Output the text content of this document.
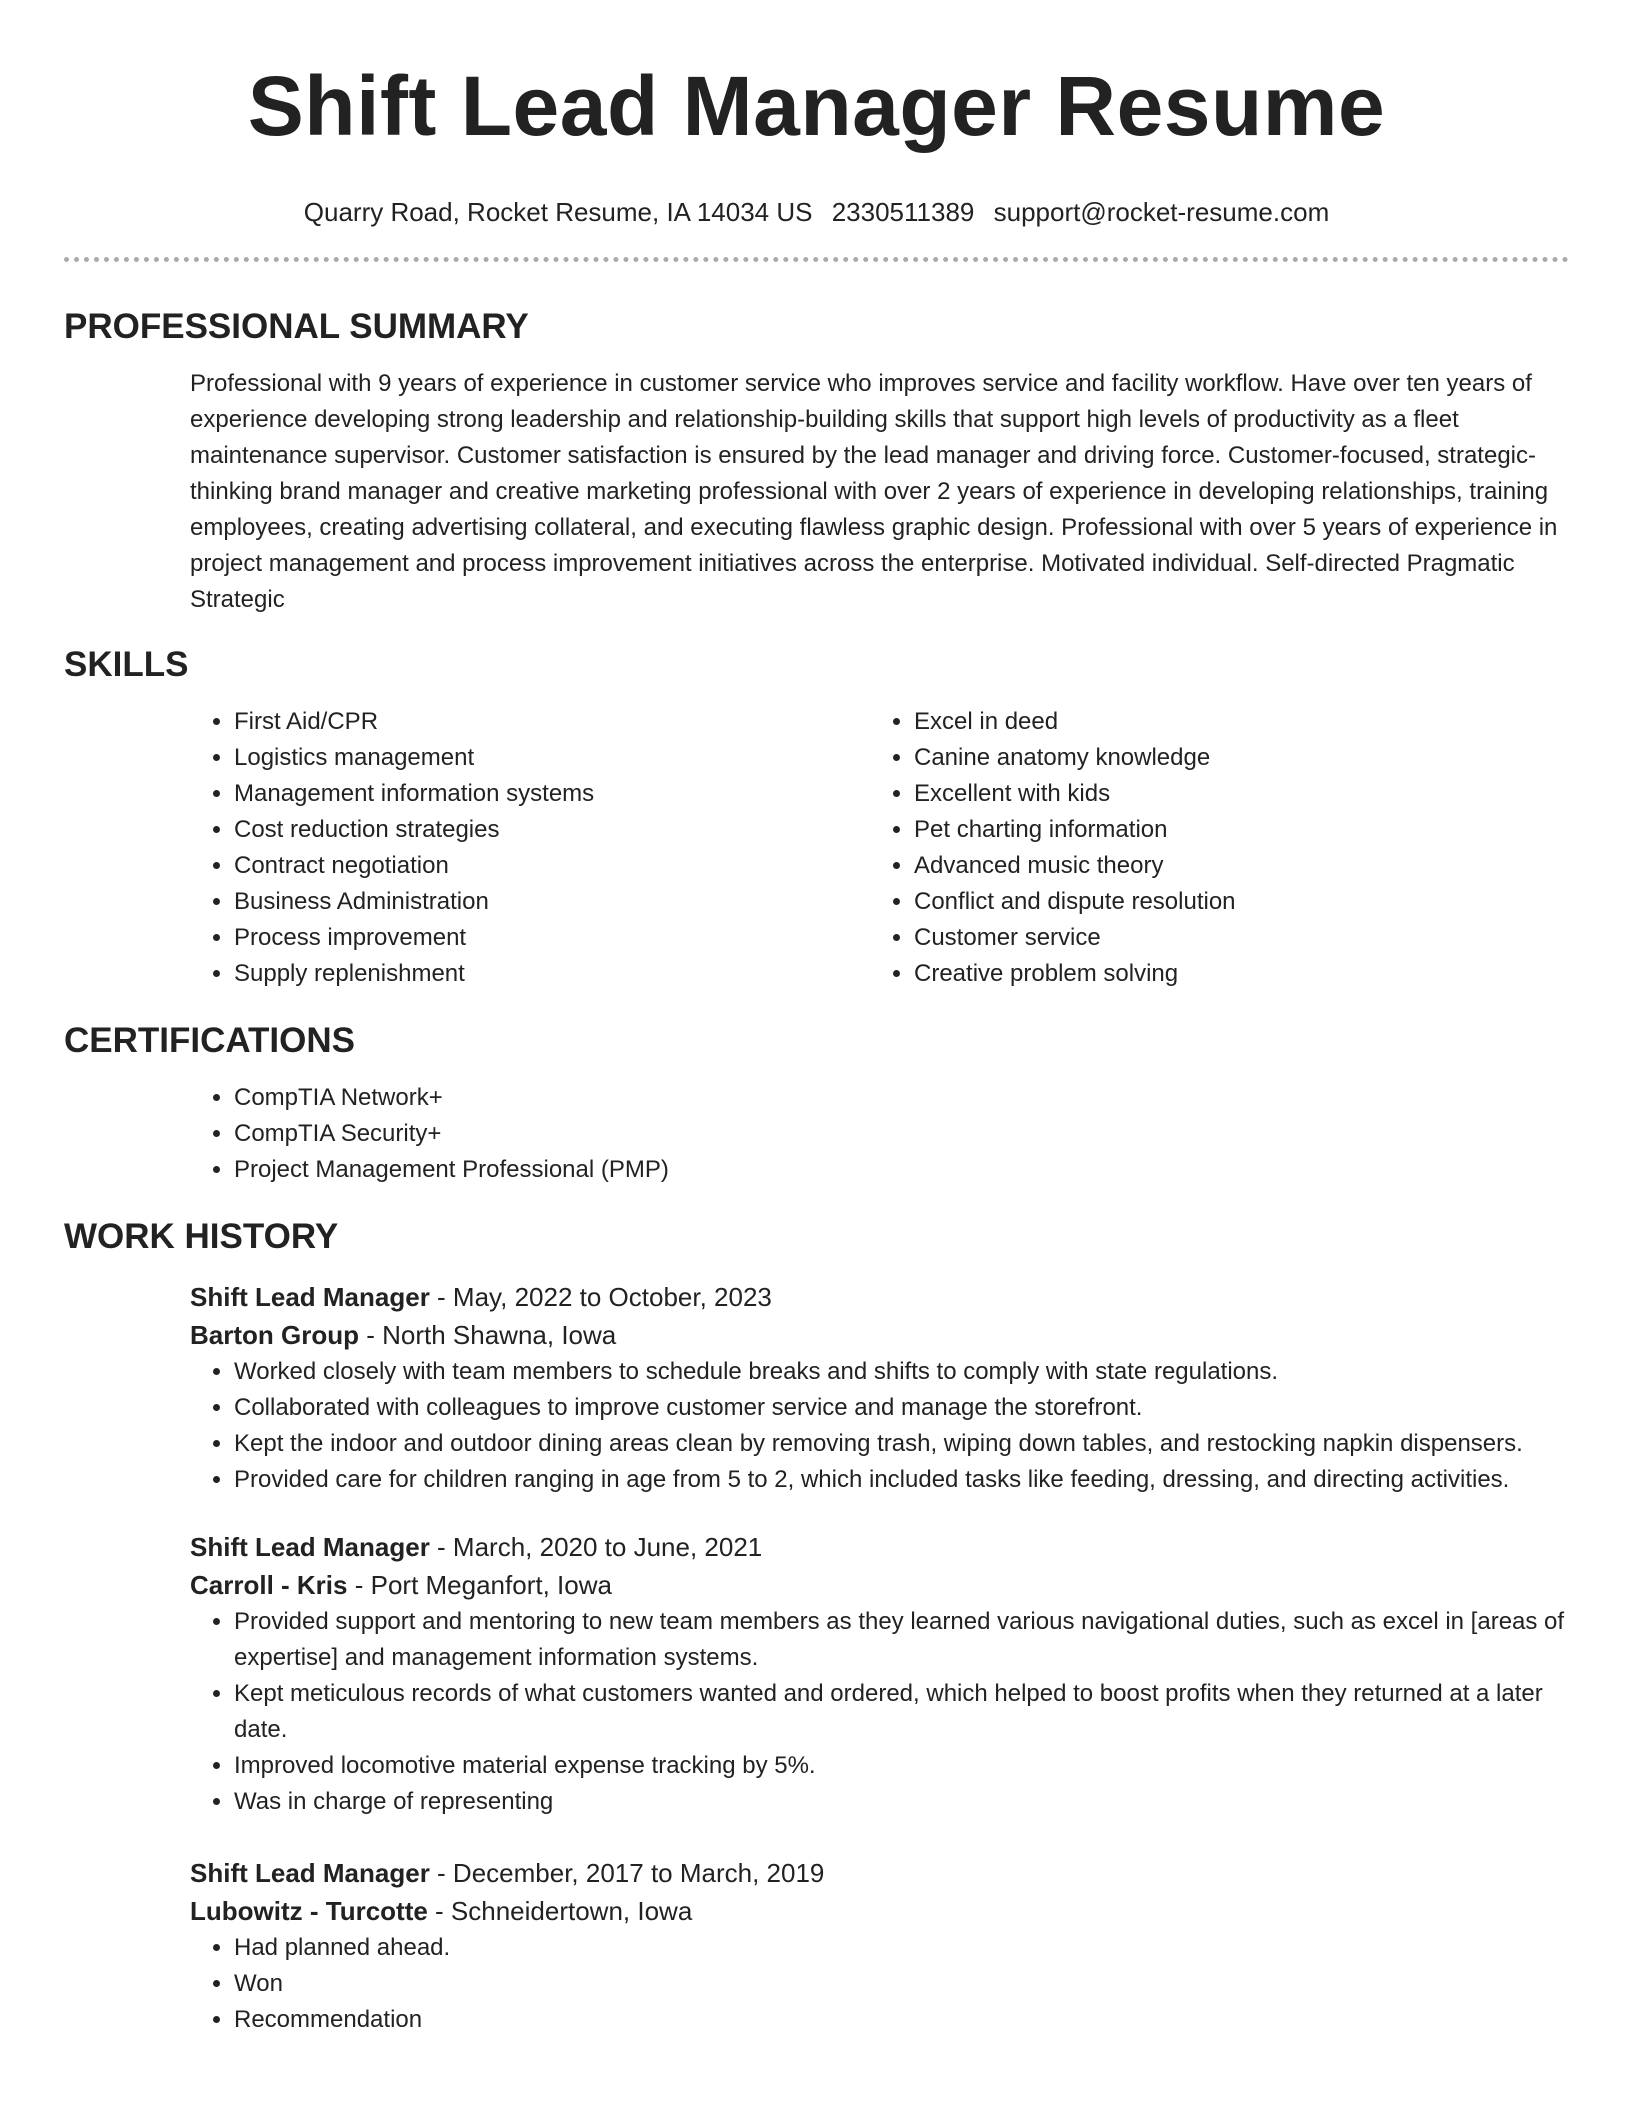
Shift Lead Manager Resume
Quarry Road, Rocket Resume, IA 14034 US 2330511389 support@rocket-resume.com
PROFESSIONAL SUMMARY

Professional with 9 years of experience in customer service who improves service and facility workflow. Have over ten years of experience developing strong leadership and relationship-building skills that support high levels of productivity as a fleet maintenance supervisor. Customer satisfaction is ensured by the lead manager and driving force. Customer-focused, strategic-thinking brand manager and creative marketing professional with over 2 years of experience in developing relationships, training employees, creating advertising collateral, and executing flawless graphic design. Professional with over 5 years of experience in project management and process improvement initiatives across the enterprise. Motivated individual. Self-directed Pragmatic Strategic

SKILLS
• First Aid/CPR
• Logistics management
• Management information systems
• Cost reduction strategies
• Contract negotiation
• Business Administration
• Process improvement
• Supply replenishment
• Excel in deed
• Canine anatomy knowledge
• Excellent with kids
• Pet charting information
• Advanced music theory
• Conflict and dispute resolution
• Customer service
• Creative problem solving
CERTIFICATIONS
• CompTIA Network+
• CompTIA Security+
• Project Management Professional (PMP)
WORK HISTORY
Shift Lead Manager - May, 2022 to October, 2023
Barton Group - North Shawna, Iowa
• Worked closely with team members to schedule breaks and shifts to comply with state regulations.
• Collaborated with colleagues to improve customer service and manage the storefront.
• Kept the indoor and outdoor dining areas clean by removing trash, wiping down tables, and restocking napkin dispensers.
• Provided care for children ranging in age from 5 to 2, which included tasks like feeding, dressing, and directing activities.
Shift Lead Manager - March, 2020 to June, 2021
Carroll - Kris - Port Meganfort, Iowa
• Provided support and mentoring to new team members as they learned various navigational duties, such as excel in [areas of expertise] and management information systems.
• Kept meticulous records of what customers wanted and ordered, which helped to boost profits when they returned at a later date.
• Improved locomotive material expense tracking by 5%.
• Was in charge of representing
Shift Lead Manager - December, 2017 to March, 2019
Lubowitz - Turcotte - Schneidertown, Iowa
• Had planned ahead.
• Won
• Recommendation
